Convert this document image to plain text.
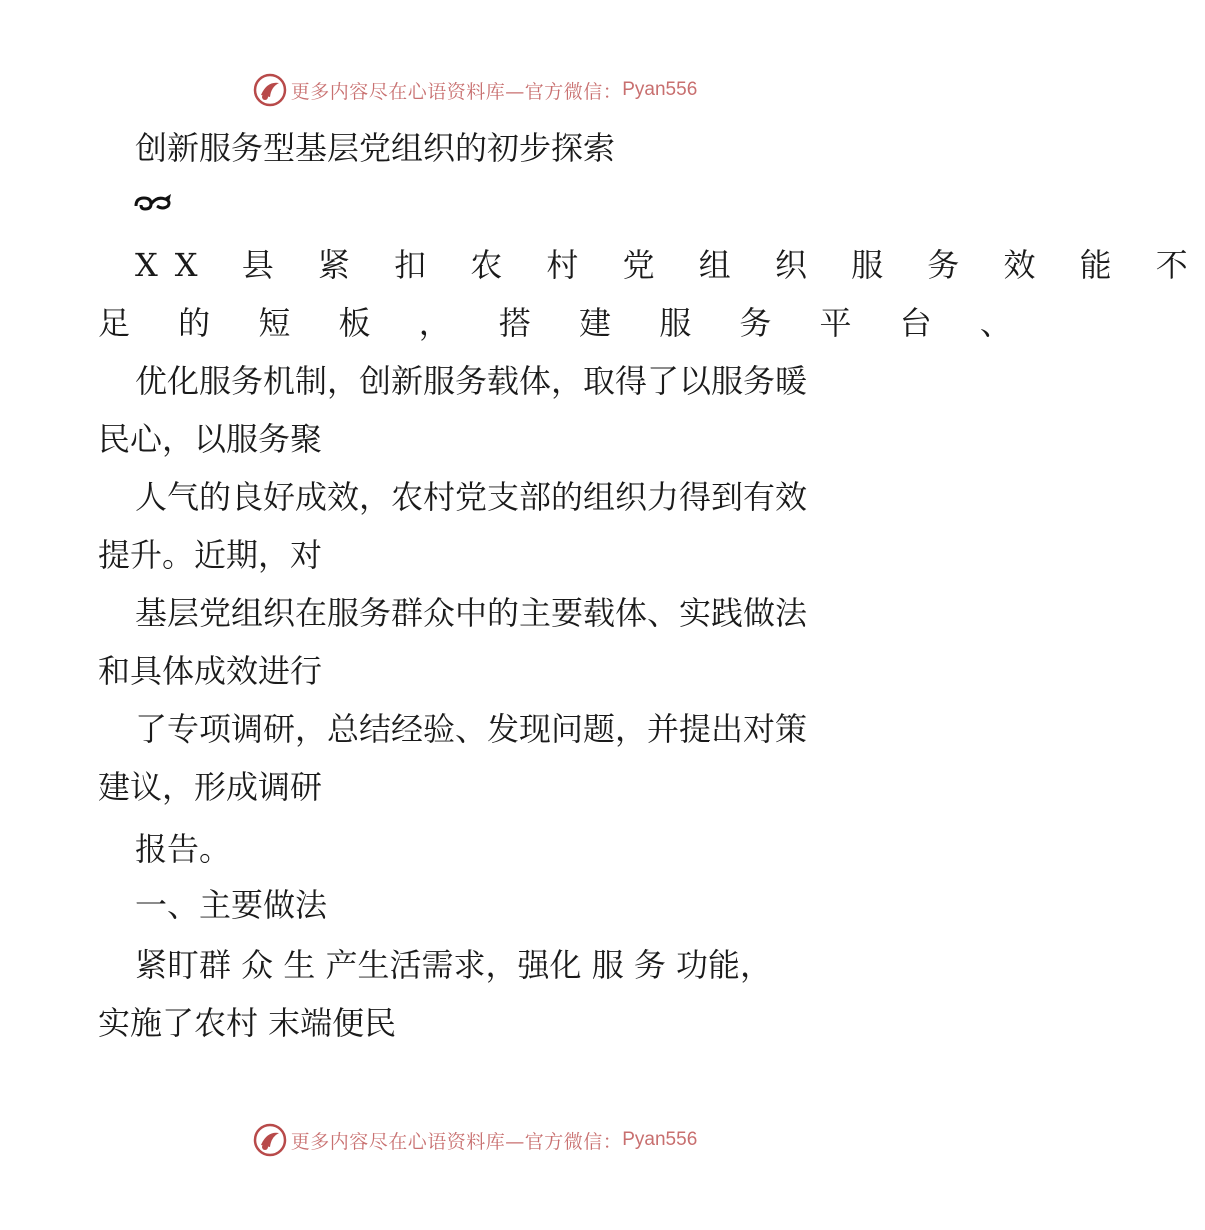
更多内容尽在心语资料库—官方微信： Pyan556
创新服务型基层党组织的初步探索
XX 县 紧 扣 农 村 党 组 织 服 务 效 能 不
足 的 短 板 ， 搭 建 服 务 平 台 、
优化服务机制，创新服务载体，取得了以服务暖
民心，以服务聚
人气的良好成效，农村党支部的组织力得到有效
提升。近期，对
基层党组织在服务群众中的主要载体、实践做法
和具体成效进行
了专项调研，总结经验、发现问题，并提出对策
建议，形成调研
报告。
一、主要做法
紧盯群 众 生 产生活需求，强化 服 务 功能，
实施了农村 末端便民
更多内容尽在心语资料库—官方微信： Pyan556
